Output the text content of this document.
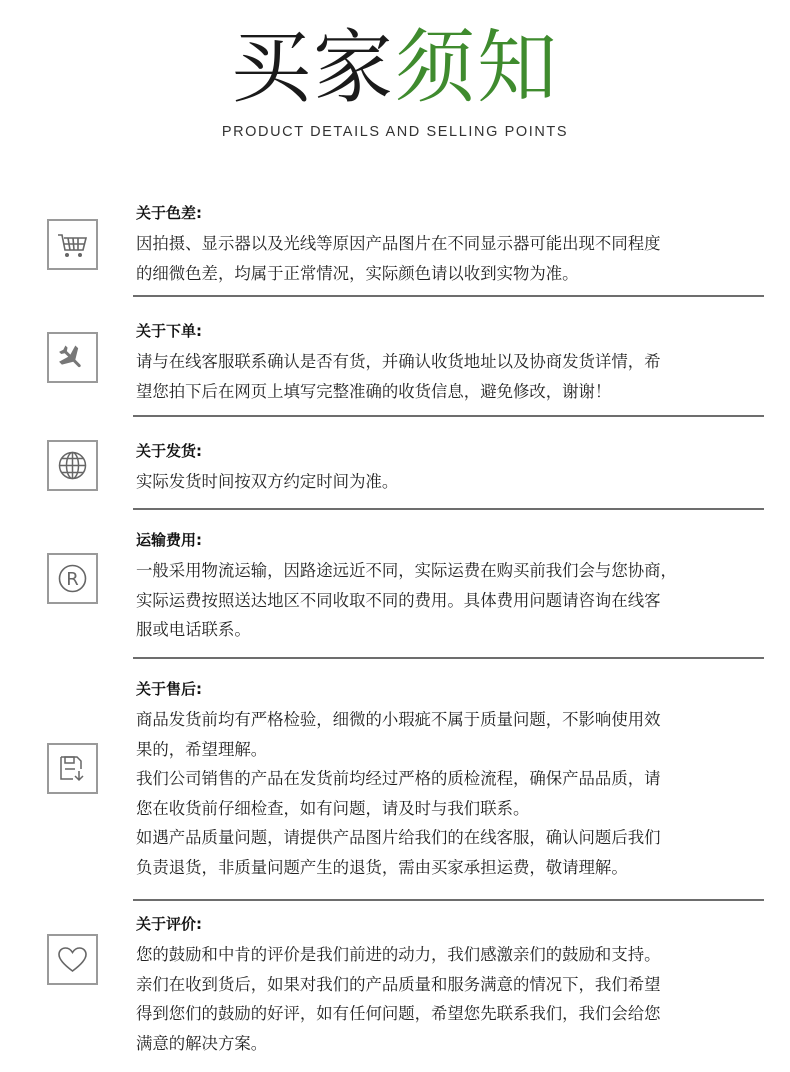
买家须知
PRODUCT DETAILS AND SELLING POINTS
关于色差:
因拍摄、显示器以及光线等原因产品图片在不同显示器可能出现不同程度
的细微色差，均属于正常情况，实际颜色请以收到实物为准。
关于下单:
请与在线客服联系确认是否有货，并确认收货地址以及协商发货详情，希
望您拍下后在网页上填写完整准确的收货信息，避免修改，谢谢！
关于发货:
实际发货时间按双方约定时间为准。
R
运输费用:
一般采用物流运输，因路途远近不同，实际运费在购买前我们会与您协商，
实际运费按照送达地区不同收取不同的费用。具体费用问题请咨询在线客
服或电话联系。
关于售后:
商品发货前均有严格检验，细微的小瑕疵不属于质量问题，不影响使用效
果的，希望理解。
我们公司销售的产品在发货前均经过严格的质检流程，确保产品品质，请
您在收货前仔细检查，如有问题，请及时与我们联系。
如遇产品质量问题，请提供产品图片给我们的在线客服，确认问题后我们
负责退货，非质量问题产生的退货，需由买家承担运费，敬请理解。
关于评价:
您的鼓励和中肯的评价是我们前进的动力，我们感激亲们的鼓励和支持。
亲们在收到货后，如果对我们的产品质量和服务满意的情况下，我们希望
得到您们的鼓励的好评，如有任何问题，希望您先联系我们，我们会给您
满意的解决方案。
